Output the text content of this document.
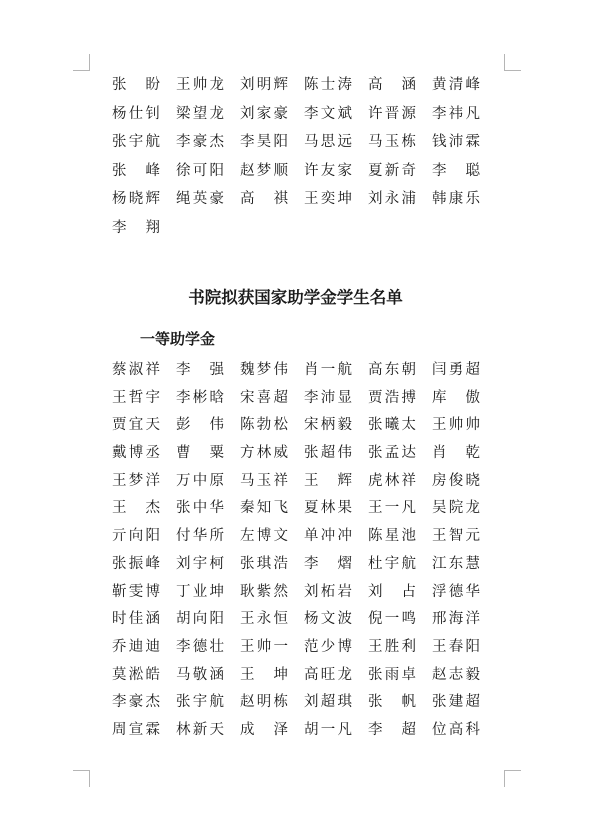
张盼 王帅龙 刘明辉 陈士涛 高涵 黄清峰
杨仕钊 梁望龙 刘家豪 李文斌 许晋源 李祎凡
张宇航 李豪杰 李昊阳 马思远 马玉栋 钱沛霖
张峰 徐可阳 赵梦顺 许友家 夏新奇 李聪
杨晓辉 绳英豪 高祺 王奕坤 刘永浦 韩康乐
李翔
书院拟获国家助学金学生名单
一等助学金
蔡淑祥 李强 魏梦伟 肖一航 高东朝 闫勇超
王哲宇 李彬晗 宋喜超 李沛显 贾浩搏 库傲
贾宜天 彭伟 陈勃松 宋柄毅 张曦太 王帅帅
戴博丞 曹粟 方林威 张超伟 张孟达 肖乾
王梦洋 万中原 马玉祥 王辉 虎林祥 房俊晓
王杰 张中华 秦知飞 夏林果 王一凡 吴院龙
亓向阳 付华所 左博文 单冲冲 陈星池 王智元
张振峰 刘宇柯 张琪浩 李熠 杜宇航 江东慧
靳雯博 丁业坤 耿紫然 刘柘岩 刘占 浮德华
时佳涵 胡向阳 王永恒 杨文波 倪一鸣 邢海洋
乔迪迪 李德壮 王帅一 范少博 王胜利 王春阳
莫淞皓 马敬涵 王坤 高旺龙 张雨卓 赵志毅
李豪杰 张宇航 赵明栋 刘超琪 张帆 张建超
周宣霖 林新天 成泽 胡一凡 李超 位高科
